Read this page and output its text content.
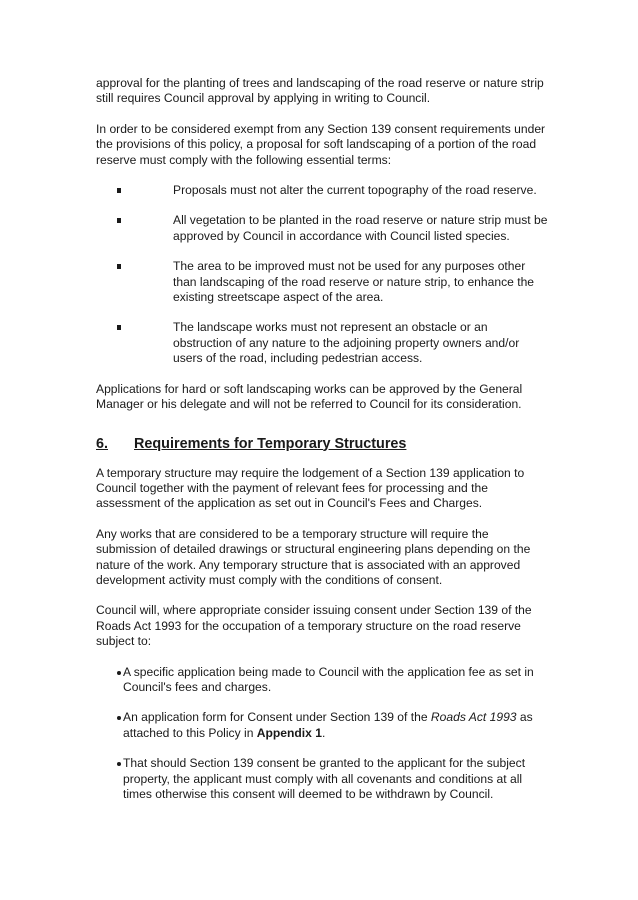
approval for the planting of trees and landscaping of the road reserve or nature strip still requires Council approval by applying in writing to Council.

In order to be considered exempt from any Section 139 consent requirements under the provisions of this policy, a proposal for soft landscaping of a portion of the road reserve must comply with the following essential terms:

Proposals must not alter the current topography of the road reserve.
All vegetation to be planted in the road reserve or nature strip must be approved by Council in accordance with Council listed species.
The area to be improved must not be used for any purposes other than landscaping of the road reserve or nature strip, to enhance the existing streetscape aspect of the area.
The landscape works must not represent an obstacle or an obstruction of any nature to the adjoining property owners and/or users of the road, including pedestrian access.

Applications for hard or soft landscaping works can be approved by the General Manager or his delegate and will not be referred to Council for its consideration.

6.	Requirements for Temporary Structures

A temporary structure may require the lodgement of a Section 139 application to Council together with the payment of relevant fees for processing and the assessment of the application as set out in Council's Fees and Charges.

Any works that are considered to be a temporary structure will require the submission of detailed drawings or structural engineering plans depending on the nature of the work. Any temporary structure that is associated with an approved development activity must comply with the conditions of consent.

Council will, where appropriate consider issuing consent under Section 139 of the Roads Act 1993 for the occupation of a temporary structure on the road reserve subject to:

A specific application being made to Council with the application fee as set in Council's fees and charges.
An application form for Consent under Section 139 of the Roads Act 1993 as attached to this Policy in Appendix 1.
That should Section 139 consent be granted to the applicant for the subject property, the applicant must comply with all covenants and conditions at all times otherwise this consent will deemed to be withdrawn by Council.
